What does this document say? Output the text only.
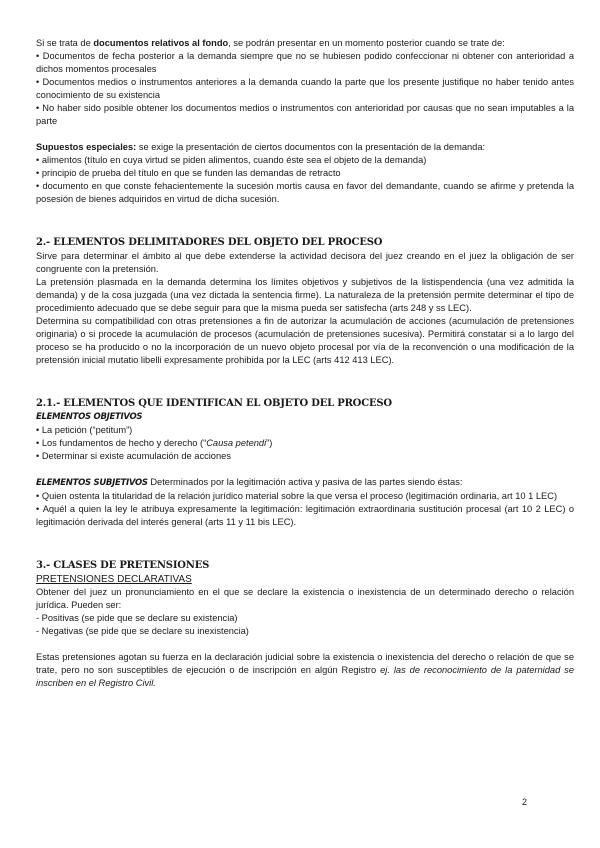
Si se trata de documentos relativos al fondo, se podrán presentar en un momento posterior cuando se trate de:

• Documentos de fecha posterior a la demanda siempre que no se hubiesen podido confeccionar ni obtener con anterioridad a dichos momentos procesales

• Documentos medios o instrumentos anteriores a la demanda cuando la parte que los presente justifique no haber tenido antes conocimiento de su existencia

• No haber sido posible obtener los documentos medios o instrumentos con anterioridad por causas que no sean imputables a la parte

Supuestos especiales: se exige la presentación de ciertos documentos con la presentación de la demanda:

• alimentos (título en cuya virtud se piden alimentos, cuando éste sea el objeto de la demanda)

• principio de prueba del título en que se funden las demandas de retracto

• documento en que conste fehacientemente la sucesión mortis causa en favor del demandante, cuando se afirme y pretenda la posesión de bienes adquiridos en virtud de dicha sucesión.

2.- ELEMENTOS DELIMITADORES DEL OBJETO DEL PROCESO

Sirve para determinar el ámbito al que debe extenderse la actividad decisora del juez creando en el juez la obligación de ser congruente con la pretensión.

La pretensión plasmada en la demanda determina los límites objetivos y subjetivos de la listispendencia (una vez admitida la demanda) y de la cosa juzgada (una vez dictada la sentencia firme). La naturaleza de la pretensión permite determinar el tipo de procedimiento adecuado que se debe seguir para que la misma pueda ser satisfecha (arts 248 y ss LEC).

Determina su compatibilidad con otras pretensiones a fin de autorizar la acumulación de acciones (acumulación de pretensiones originaria) o si procede la acumulación de procesos (acumulación de pretensiones sucesiva). Permitirá constatar si a lo largo del proceso se ha producido o no la incorporación de un nuevo objeto procesal por vía de la reconvención o una modificación de la pretensión inicial mutatio libelli expresamente prohibida por la LEC (arts 412 413 LEC).

2.1.- ELEMENTOS QUE IDENTIFICAN EL OBJETO DEL PROCESO

ELEMENTOS OBJETIVOS

• La petición (“petitum”)

• Los fundamentos de hecho y derecho (“Causa petendi”)

• Determinar si existe acumulación de acciones

ELEMENTOS SUBJETIVOS Determinados por la legitimación activa y pasiva de las partes siendo éstas:

• Quien ostenta la titularidad de la relación jurídico material sobre la que versa el proceso (legitimación ordinaria, art 10 1 LEC)

• Aquél a quien la ley le atribuya expresamente la legitimación: legitimación extraordinaria sustitución procesal (art 10 2 LEC) o legitimación derivada del interés general (arts 11 y 11 bis LEC).

3.- CLASES DE PRETENSIONES

PRETENSIONES DECLARATIVAS

Obtener del juez un pronunciamiento en el que se declare la existencia o inexistencia de un determinado derecho o relación jurídica. Pueden ser:

- Positivas (se pide que se declare su existencia)

- Negativas (se pide que se declare su inexistencia)

Estas pretensiones agotan su fuerza en la declaración judicial sobre la existencia o inexistencia del derecho o relación de que se trate, pero no son susceptibles de ejecución o de inscripción en algún Registro ej. las de reconocimiento de la paternidad se inscriben en el Registro Civil.

2
